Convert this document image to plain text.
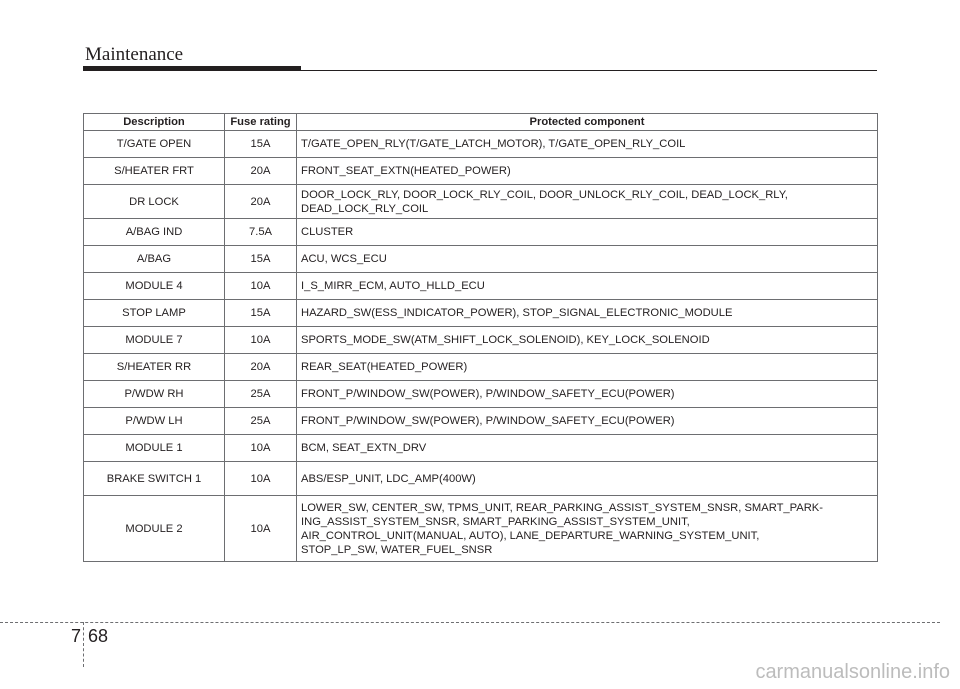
Maintenance
Description	Fuse rating	Protected component
T/GATE OPEN	15A	T/GATE_OPEN_RLY(T/GATE_LATCH_MOTOR), T/GATE_OPEN_RLY_COIL
S/HEATER FRT	20A	FRONT_SEAT_EXTN(HEATED_POWER)
DR LOCK	20A	DOOR_LOCK_RLY, DOOR_LOCK_RLY_COIL, DOOR_UNLOCK_RLY_COIL, DEAD_LOCK_RLY,
DEAD_LOCK_RLY_COIL
A/BAG IND	7.5A	CLUSTER
A/BAG	15A	ACU, WCS_ECU
MODULE 4	10A	I_S_MIRR_ECM, AUTO_HLLD_ECU
STOP LAMP	15A	HAZARD_SW(ESS_INDICATOR_POWER), STOP_SIGNAL_ELECTRONIC_MODULE
MODULE 7	10A	SPORTS_MODE_SW(ATM_SHIFT_LOCK_SOLENOID), KEY_LOCK_SOLENOID
S/HEATER RR	20A	REAR_SEAT(HEATED_POWER)
P/WDW RH	25A	FRONT_P/WINDOW_SW(POWER), P/WINDOW_SAFETY_ECU(POWER)
P/WDW LH	25A	FRONT_P/WINDOW_SW(POWER), P/WINDOW_SAFETY_ECU(POWER)
MODULE 1	10A	BCM, SEAT_EXTN_DRV
BRAKE SWITCH 1	10A	ABS/ESP_UNIT, LDC_AMP(400W)
MODULE 2	10A	LOWER_SW, CENTER_SW, TPMS_UNIT, REAR_PARKING_ASSIST_SYSTEM_SNSR, SMART_PARK-
ING_ASSIST_SYSTEM_SNSR, SMART_PARKING_ASSIST_SYSTEM_UNIT,
AIR_CONTROL_UNIT(MANUAL, AUTO), LANE_DEPARTURE_WARNING_SYSTEM_UNIT,
STOP_LP_SW, WATER_FUEL_SNSR
7 68
carmanualsonline.info
